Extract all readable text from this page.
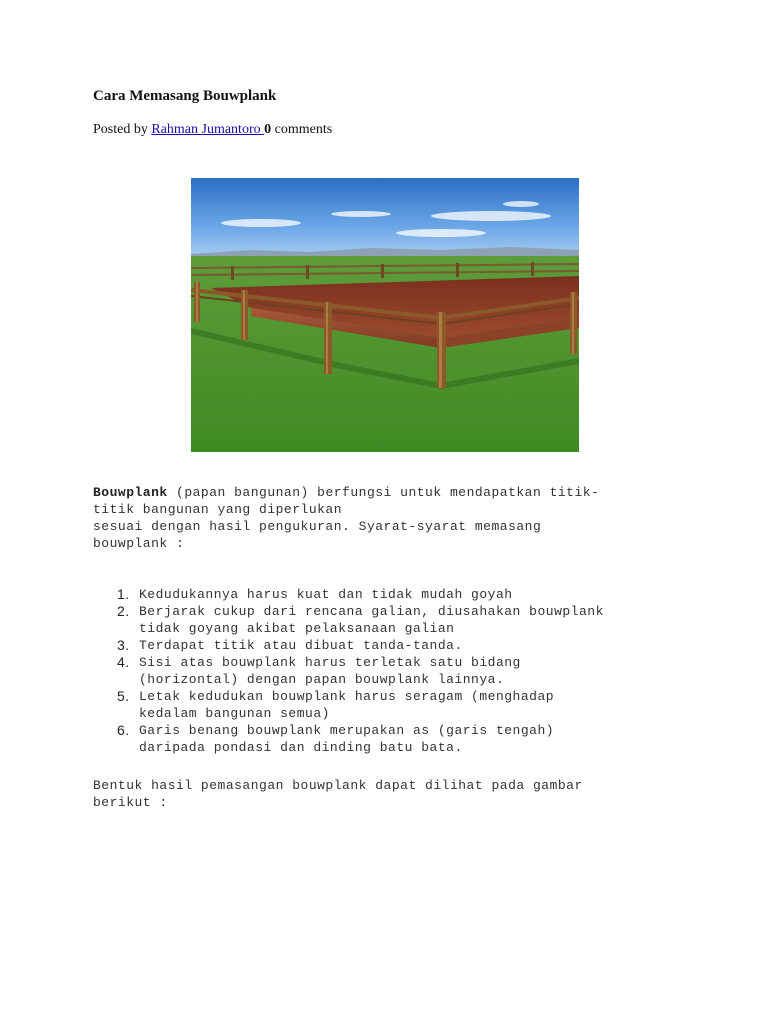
Cara Memasang Bouwplank
Posted by Rahman Jumantoro 0 comments
Bouwplank (papan bangunan) berfungsi untuk mendapatkan titik-
titik bangunan yang diperlukan
sesuai dengan hasil pengukuran. Syarat-syarat memasang
bouwplank :
1. Kedudukannya harus kuat dan tidak mudah goyah
2. Berjarak cukup dari rencana galian, diusahakan bouwplank
tidak goyang akibat pelaksanaan galian
3. Terdapat titik atau dibuat tanda-tanda.
4. Sisi atas bouwplank harus terletak satu bidang
(horizontal) dengan papan bouwplank lainnya.
5. Letak kedudukan bouwplank harus seragam (menghadap
kedalam bangunan semua)
6. Garis benang bouwplank merupakan as (garis tengah)
daripada pondasi dan dinding batu bata.
Bentuk hasil pemasangan bouwplank dapat dilihat pada gambar
berikut :
